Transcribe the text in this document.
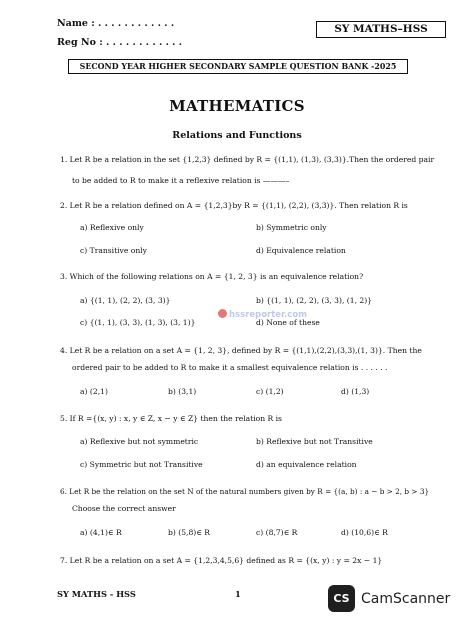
Name : . . . . . . . . . . . .
Reg No : . . . . . . . . . . . .
SY MATHS–HSS
SECOND YEAR HIGHER SECONDARY SAMPLE QUESTION BANK -2025
MATHEMATICS
Relations and Functions
1. Let R be a relation in the set {1,2,3} defined by R = {(1,1), (1,3), (3,3)}.Then the ordered pair
to be added to R to make it a reflexive relation is ———–
2. Let R be a relation defined on A = {1,2,3}by R = {(1,1), (2,2), (3,3)}. Then relation R is
a) Reflexive only	b) Symmetric only
c) Transitive only	d) Equivalence relation
3. Which of the following relations on A = {1, 2, 3} is an equivalence relation?
a) {(1, 1), (2, 2), (3, 3)}	b) {(1, 1), (2, 2), (3, 3), (1, 2)}
c) {(1, 1), (3, 3), (1, 3), (3, 1)}	d) None of these
hssreporter.com
4. Let R be a relation on a set A = {1, 2, 3}, defined by R = {(1,1),(2,2),(3,3),(1, 3)}. Then the
ordered pair to be added to R to make it a smallest equivalence relation is . . . . . .
a) (2,1)	b) (3,1)	c) (1,2)	d) (1,3)
5. If R ={(x, y) : x, y ∈ Z, x − y ∈ Z} then the relation R is
a) Reflexive but not symmetric	b) Reflexive but not Transitive
c) Symmetric but not Transitive	d) an equivalence relation
6. Let R be the relation on the set N of the natural numbers given by R = {(a, b) : a − b > 2, b > 3}
Choose the correct answer
a) (4,1)∈ R	b) (5,8)∈ R	c) (8,7)∈ R	d) (10,6)∈ R
7. Let R be a relation on a set A = {1,2,3,4,5,6} defined as R = {(x, y) : y = 2x − 1}
SY MATHS - HSS	1	CS CamScanner
